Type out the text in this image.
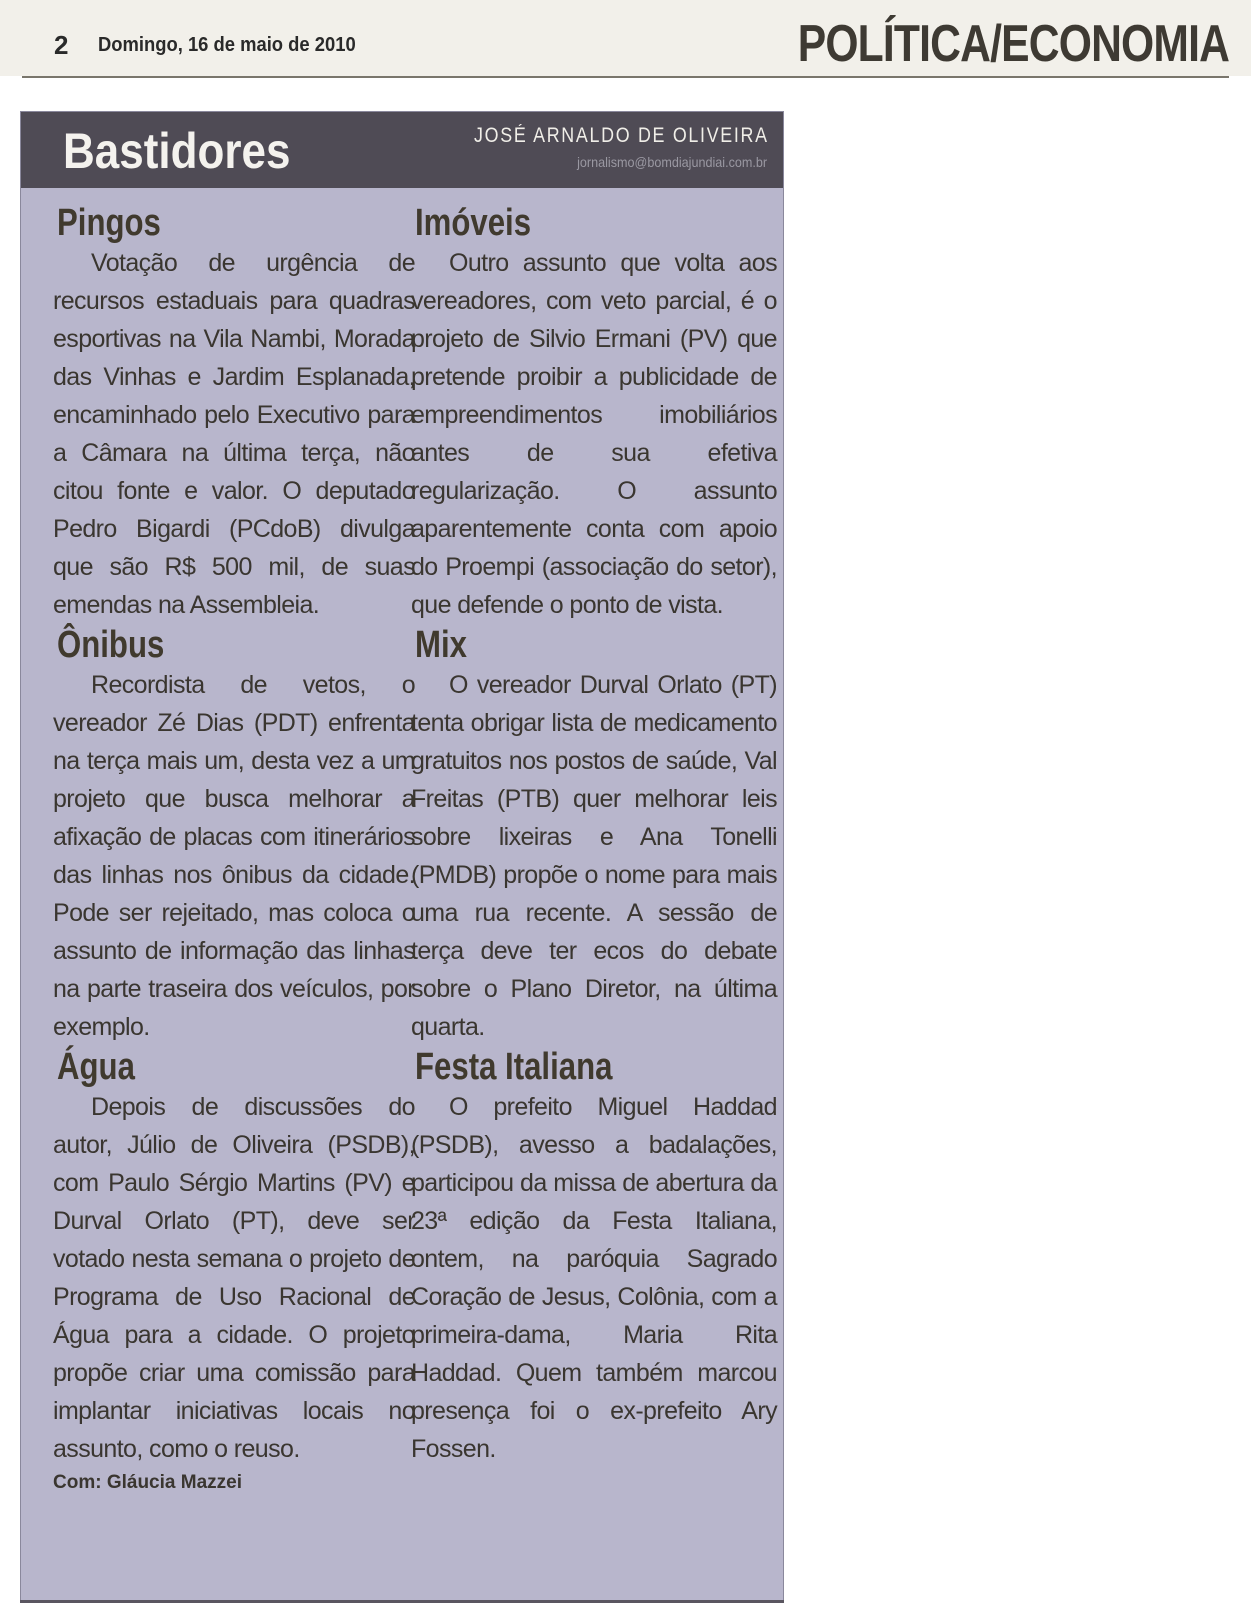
2 Domingo, 16 de maio de 2010	POLÍTICA/ECONOMIA
Bastidores	JOSÉ ARNALDO DE OLIVEIRA
jornalismo@bomdiajundiai.com.br
Pingos

Votação de urgência de recursos estaduais para quadras esportivas na Vila Nambi, Morada das Vinhas e Jardim Esplanada, encaminhado pelo Executivo para a Câmara na última terça, não citou fonte e valor. O deputado Pedro Bigardi (PCdoB) divulga que são R$ 500 mil, de suas emendas na Assembleia.

Ônibus

Recordista de vetos, o vereador Zé Dias (PDT) enfrenta na terça mais um, desta vez a um projeto que busca melhorar a afixação de placas com itinerários das linhas nos ônibus da cidade. Pode ser rejeitado, mas coloca o assunto de informação das linhas na parte traseira dos veículos, por exemplo.

Água

Depois de discussões do autor, Júlio de Oliveira (PSDB), com Paulo Sérgio Martins (PV) e Durval Orlato (PT), deve ser votado nesta semana o projeto de Programa de Uso Racional de Água para a cidade. O projeto propõe criar uma comissão para implantar iniciativas locais no assunto, como o reuso.

Com: Gláucia Mazzei
Imóveis

Outro assunto que volta aos vereadores, com veto parcial, é o projeto de Silvio Ermani (PV) que pretende proibir a publicidade de empreendimentos imobiliários antes de sua efetiva regularização. O assunto aparentemente conta com apoio do Proempi (associação do setor), que defende o ponto de vista.

Mix

O vereador Durval Orlato (PT) tenta obrigar lista de medicamento gratuitos nos postos de saúde, Val Freitas (PTB) quer melhorar leis sobre lixeiras e Ana Tonelli (PMDB) propõe o nome para mais uma rua recente. A sessão de terça deve ter ecos do debate sobre o Plano Diretor, na última quarta.

Festa Italiana

O prefeito Miguel Haddad (PSDB), avesso a badalações, participou da missa de abertura da 23ª edição da Festa Italiana, ontem, na paróquia Sagrado Coração de Jesus, Colônia, com a primeira-dama, Maria Rita Haddad. Quem também marcou presença foi o ex-prefeito Ary Fossen.
